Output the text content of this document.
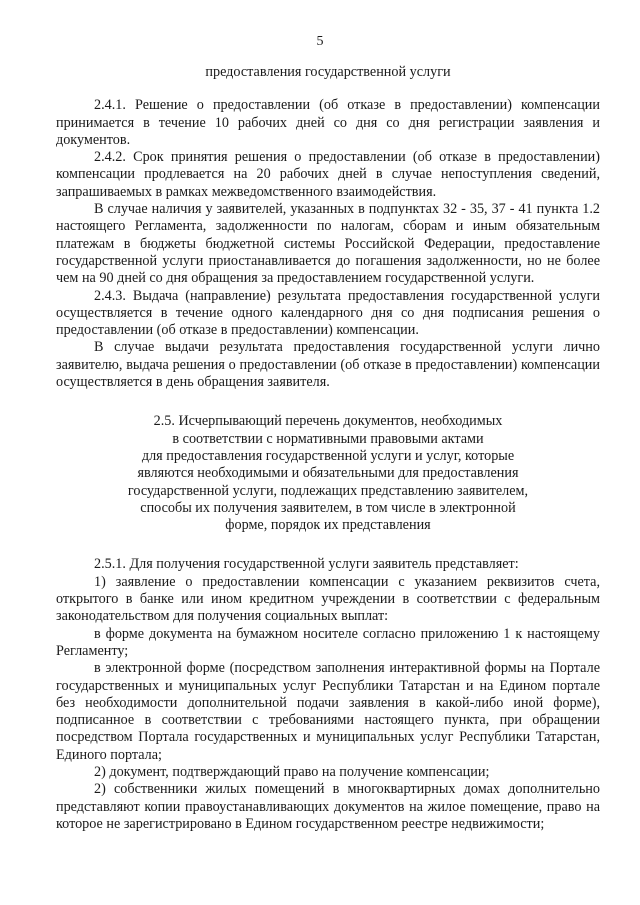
5

предоставления государственной услуги

2.4.1. Решение о предоставлении (об отказе в предоставлении) компенсации принимается в течение 10 рабочих дней со дня со дня регистрации заявления и документов.

2.4.2. Срок принятия решения о предоставлении (об отказе в предоставлении) компенсации продлевается на 20 рабочих дней в случае непоступления сведений, запрашиваемых в рамках межведомственного взаимодействия.

В случае наличия у заявителей, указанных в подпунктах 32 - 35, 37 - 41 пункта 1.2 настоящего Регламента, задолженности по налогам, сборам и иным обязательным платежам в бюджеты бюджетной системы Российской Федерации, предоставление государственной услуги приостанавливается до погашения задолженности, но не более чем на 90 дней со дня обращения за предоставлением государственной услуги.

2.4.3. Выдача (направление) результата предоставления государственной услуги осуществляется в течение одного календарного дня со дня подписания решения о предоставлении (об отказе в предоставлении) компенсации.

В случае выдачи результата предоставления государственной услуги лично заявителю, выдача решения о предоставлении (об отказе в предоставлении) компенсации осуществляется в день обращения заявителя.

2.5. Исчерпывающий перечень документов, необходимых

в соответствии с нормативными правовыми актами

для предоставления государственной услуги и услуг, которые

являются необходимыми и обязательными для предоставления

государственной услуги, подлежащих представлению заявителем,

способы их получения заявителем, в том числе в электронной

форме, порядок их представления

2.5.1. Для получения государственной услуги заявитель представляет:

1) заявление о предоставлении компенсации с указанием реквизитов счета, открытого в банке или ином кредитном учреждении в соответствии с федеральным законодательством для получения социальных выплат:

в форме документа на бумажном носителе согласно приложению 1 к настоящему Регламенту;

в электронной форме (посредством заполнения интерактивной формы на Портале государственных и муниципальных услуг Республики Татарстан и на Едином портале без необходимости дополнительной подачи заявления в какой-либо иной форме), подписанное в соответствии с требованиями настоящего пункта, при обращении посредством Портала государственных и муниципальных услуг Республики Татарстан, Единого портала;

2) документ, подтверждающий право на получение компенсации;

2) собственники жилых помещений в многоквартирных домах дополнительно представляют копии правоустанавливающих документов на жилое помещение, право на которое не зарегистрировано в Едином государственном реестре недвижимости;
